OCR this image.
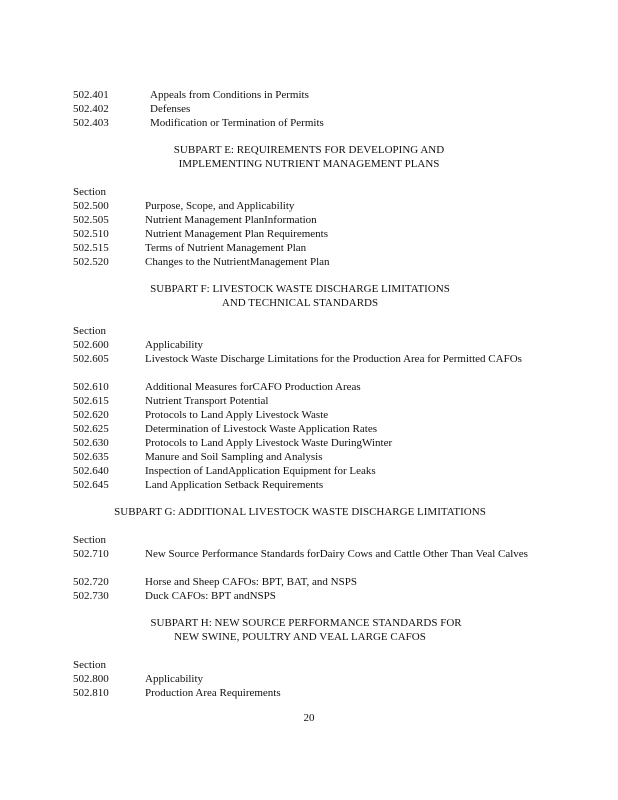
502.401	Appeals from Conditions in Permits
502.402	Defenses
502.403	Modification or Termination of Permits
SUBPART E: REQUIREMENTS FOR DEVELOPING AND
IMPLEMENTING NUTRIENT MANAGEMENT PLANS
Section
502.500	Purpose, Scope, and Applicability
502.505	Nutrient Management PlanInformation
502.510	Nutrient Management Plan Requirements
502.515	Terms of Nutrient Management Plan
502.520	Changes to the NutrientManagement Plan
SUBPART F: LIVESTOCK WASTE DISCHARGE LIMITATIONS
AND TECHNICAL STANDARDS
Section
502.600	Applicability
502.605	Livestock Waste Discharge Limitations for the Production Area for Permitted CAFOs
502.610	Additional Measures forCAFO Production Areas
502.615	Nutrient Transport Potential
502.620	Protocols to Land Apply Livestock Waste
502.625	Determination of Livestock Waste Application Rates
502.630	Protocols to Land Apply Livestock Waste DuringWinter
502.635	Manure and Soil Sampling and Analysis
502.640	Inspection of LandApplication Equipment for Leaks
502.645	Land Application Setback Requirements
SUBPART G: ADDITIONAL LIVESTOCK WASTE DISCHARGE LIMITATIONS
Section
502.710	New Source Performance Standards forDairy Cows and Cattle Other Than Veal Calves
502.720	Horse and Sheep CAFOs: BPT, BAT, and NSPS
502.730	Duck CAFOs: BPT andNSPS
SUBPART H: NEW SOURCE PERFORMANCE STANDARDS FOR
NEW SWINE, POULTRY AND VEAL LARGE CAFOS
Section
502.800	Applicability
502.810	Production Area Requirements
20
